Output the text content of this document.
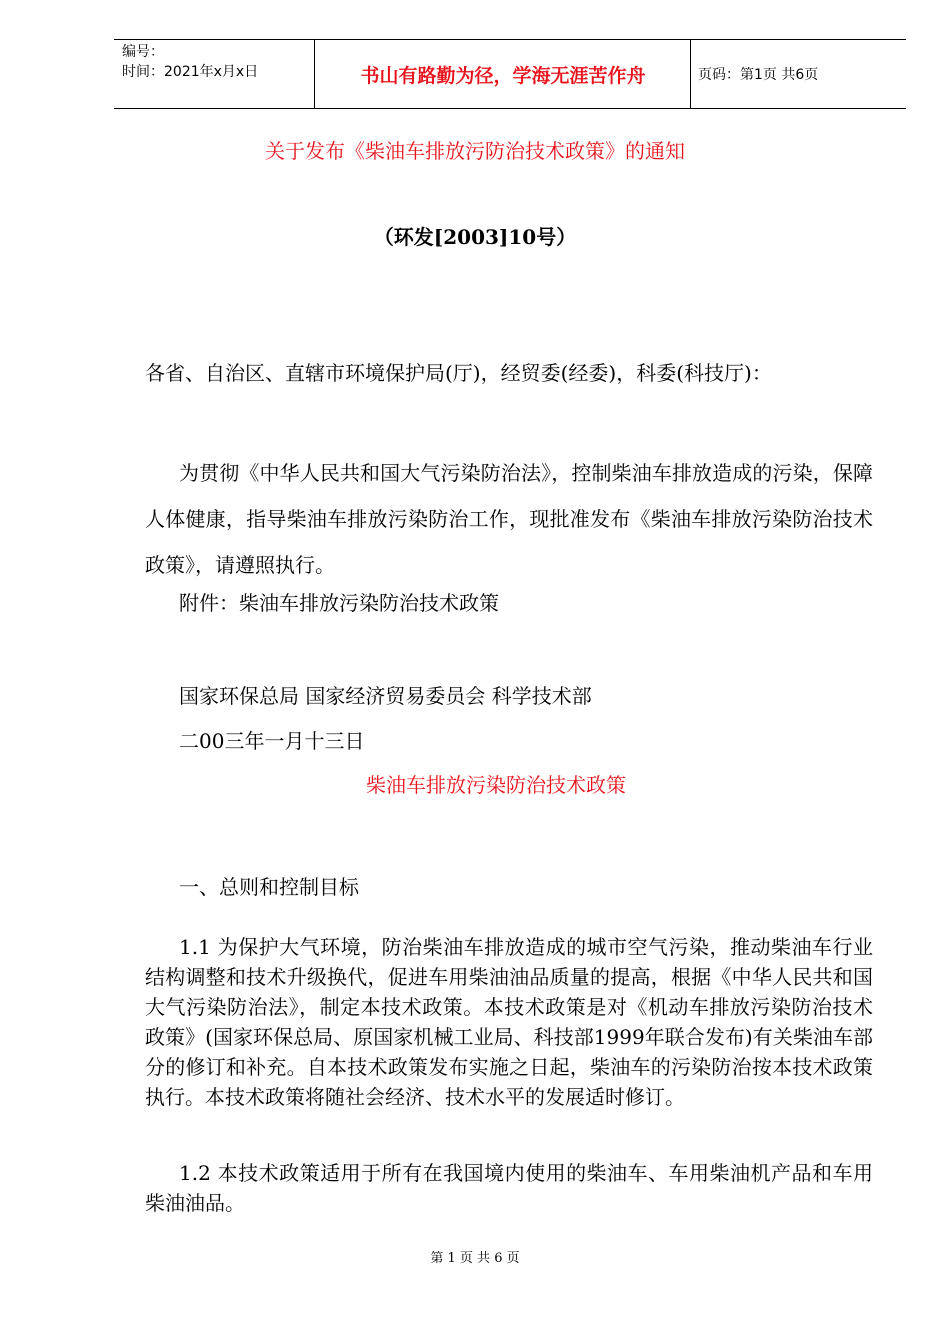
编号：
时间：2021年x月x日	书山有路勤为径，学海无涯苦作舟	页码：第1页 共6页
关于发布《柴油车排放污防治技术政策》的通知
（环发[2003]10号）
各省、自治区、直辖市环境保护局(厅)，经贸委(经委)，科委(科技厅)：
为贯彻《中华人民共和国大气污染防治法》，控制柴油车排放造成的污染，保障人体健康，指导柴油车排放污染防治工作，现批准发布《柴油车排放污染防治技术政策》，请遵照执行。
附件：柴油车排放污染防治技术政策
国家环保总局 国家经济贸易委员会 科学技术部
二00三年一月十三日
柴油车排放污染防治技术政策
一、总则和控制目标
1.1 为保护大气环境，防治柴油车排放造成的城市空气污染，推动柴油车行业结构调整和技术升级换代，促进车用柴油油品质量的提高，根据《中华人民共和国大气污染防治法》，制定本技术政策。本技术政策是对《机动车排放污染防治技术政策》(国家环保总局、原国家机械工业局、科技部1999年联合发布)有关柴油车部分的修订和补充。自本技术政策发布实施之日起，柴油车的污染防治按本技术政策执行。本技术政策将随社会经济、技术水平的发展适时修订。
1.2 本技术政策适用于所有在我国境内使用的柴油车、车用柴油机产品和车用柴油油品。
第 1 页 共 6 页
